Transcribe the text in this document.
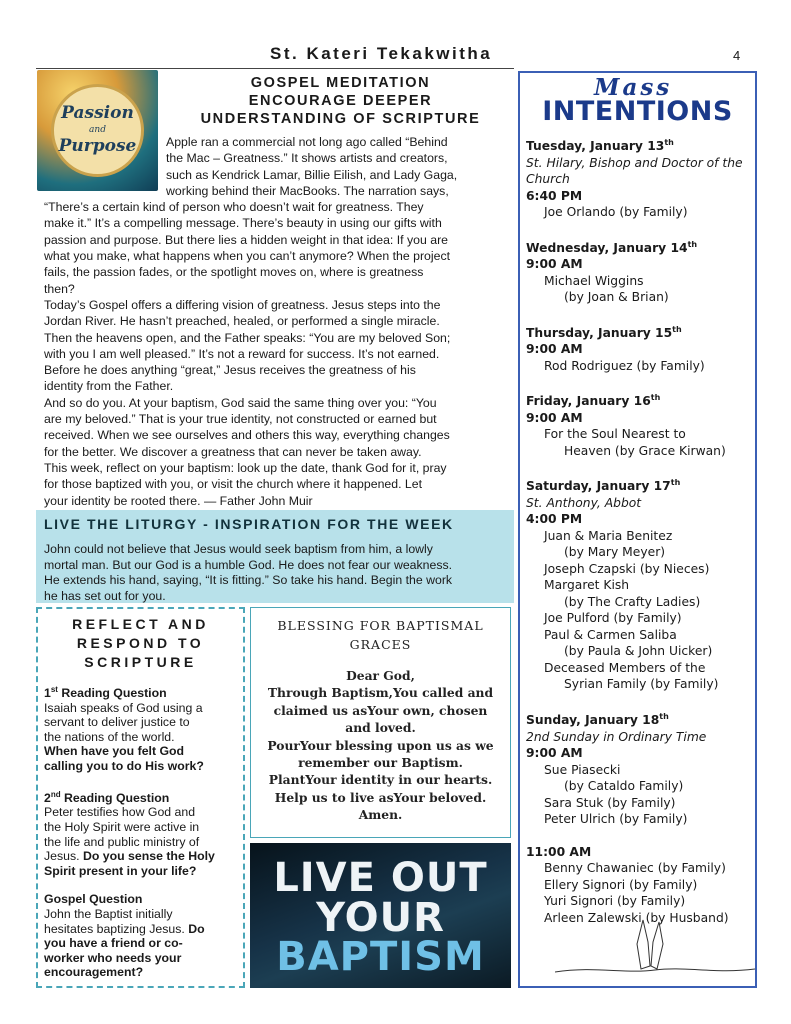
St. Kateri Tekakwitha	4
Passion
and
Purpose
GOSPEL MEDITATION
ENCOURAGE DEEPER
UNDERSTANDING OF SCRIPTURE
Apple ran a commercial not long ago called “Behind
the Mac – Greatness.” It shows artists and creators,
such as Kendrick Lamar, Billie Eilish, and Lady Gaga,
working behind their MacBooks. The narration says,
“There’s a certain kind of person who doesn’t wait for greatness. They
make it.” It’s a compelling message. There’s beauty in using our gifts with
passion and purpose. But there lies a hidden weight in that idea: If you are
what you make, what happens when you can’t anymore? When the project
fails, the passion fades, or the spotlight moves on, where is greatness
then?
Today’s Gospel offers a differing vision of greatness. Jesus steps into the
Jordan River. He hasn’t preached, healed, or performed a single miracle.
Then the heavens open, and the Father speaks: “You are my beloved Son;
with you I am well pleased.” It’s not a reward for success. It’s not earned.
Before he does anything “great,” Jesus receives the greatness of his
identity from the Father.
And so do you. At your baptism, God said the same thing over you: “You
are my beloved.” That is your true identity, not constructed or earned but
received. When we see ourselves and others this way, everything changes
for the better. We discover a greatness that can never be taken away.
This week, reflect on your baptism: look up the date, thank God for it, pray
for those baptized with you, or visit the church where it happened. Let
your identity be rooted there. — Father John Muir
LIVE THE LITURGY - INSPIRATION FOR THE WEEK
John could not believe that Jesus would seek baptism from him, a lowly
mortal man. But our God is a humble God. He does not fear our weakness.
He extends his hand, saying, “It is fitting.” So take his hand. Begin the work
he has set out for you.
REFLECT AND
RESPOND TO
SCRIPTURE
1st Reading Question
Isaiah speaks of God using a
servant to deliver justice to
the nations of the world.
When have you felt God
calling you to do His work?
2nd Reading Question
Peter testifies how God and
the Holy Spirit were active in
the life and public ministry of
Jesus. Do you sense the Holy
Spirit present in your life?
Gospel Question
John the Baptist initially
hesitates baptizing Jesus. Do
you have a friend or co-
worker who needs your
encouragement?
BLESSING FOR BAPTISMAL
GRACES
Dear God,
Through Baptism,You called and
claimed us asYour own, chosen
and loved.
PourYour blessing upon us as we
remember our Baptism.
PlantYour identity in our hearts.
Help us to live asYour beloved.
Amen.
LIVE OUT
YOUR
BAPTISM
Mass
INTENTIONS
Tuesday, January 13th
St. Hilary, Bishop and Doctor of the Church
6:40 PM
Joe Orlando (by Family)
Wednesday, January 14th
9:00 AM
Michael Wiggins
(by Joan & Brian)
Thursday, January 15th
9:00 AM
Rod Rodriguez (by Family)
Friday, January 16th
9:00 AM
For the Soul Nearest to
Heaven (by Grace Kirwan)
Saturday, January 17th
St. Anthony, Abbot
4:00 PM
Juan & Maria Benitez
(by Mary Meyer)
Joseph Czapski (by Nieces)
Margaret Kish
(by The Crafty Ladies)
Joe Pulford (by Family)
Paul & Carmen Saliba
(by Paula & John Uicker)
Deceased Members of the
Syrian Family (by Family)
Sunday, January 18th
2nd Sunday in Ordinary Time
9:00 AM
Sue Piasecki
(by Cataldo Family)
Sara Stuk (by Family)
Peter Ulrich (by Family)
11:00 AM
Benny Chawaniec (by Family)
Ellery Signori (by Family)
Yuri Signori (by Family)
Arleen Zalewski (by Husband)
